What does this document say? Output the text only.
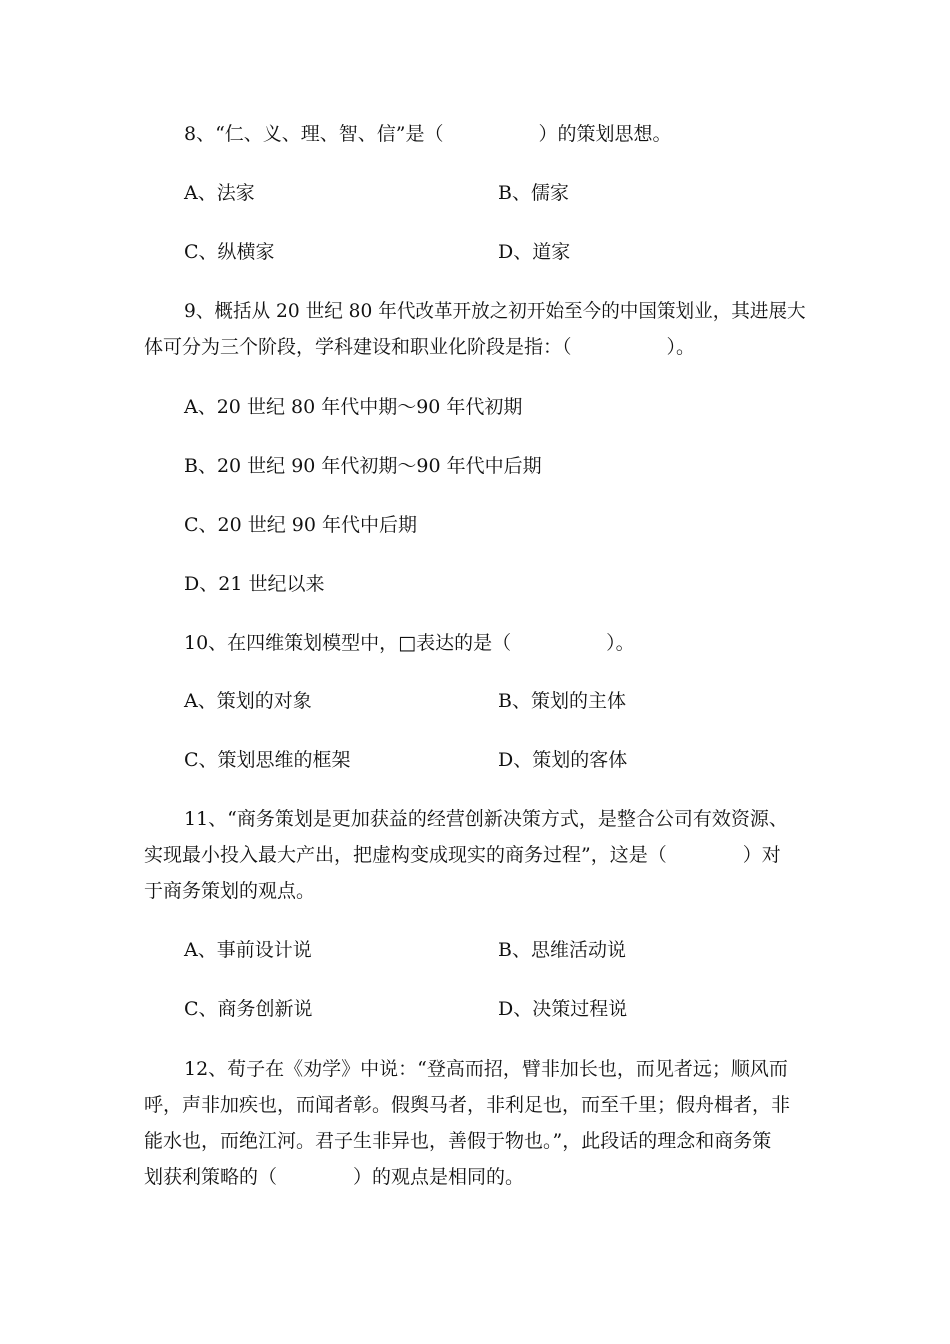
8、“仁、义、理、智、信”是（　　　　　）的策划思想。
A、法家	B、儒家
C、纵横家	D、道家
9、概括从 20 世纪 80 年代改革开放之初开始至今的中国策划业，其进展大
体可分为三个阶段，学科建设和职业化阶段是指：（　　　　　）。
A、20 世纪 80 年代中期～90 年代初期
B、20 世纪 90 年代初期～90 年代中后期
C、20 世纪 90 年代中后期
D、21 世纪以来
10、在四维策划模型中，□表达的是（　　　　　）。
A、策划的对象	B、策划的主体
C、策划思维的框架	D、策划的客体
11、“商务策划是更加获益的经营创新决策方式，是整合公司有效资源、
实现最小投入最大产出，把虚构变成现实的商务过程”，这是（　　　　）对
于商务策划的观点。
A、事前设计说	B、思维活动说
C、商务创新说	D、决策过程说
12、荀子在《劝学》中说：“登高而招，臂非加长也，而见者远；顺风而
呼，声非加疾也，而闻者彰。假舆马者，非利足也，而至千里；假舟楫者，非
能水也，而绝江河。君子生非异也，善假于物也。”，此段话的理念和商务策
划获利策略的（　　　　）的观点是相同的。
